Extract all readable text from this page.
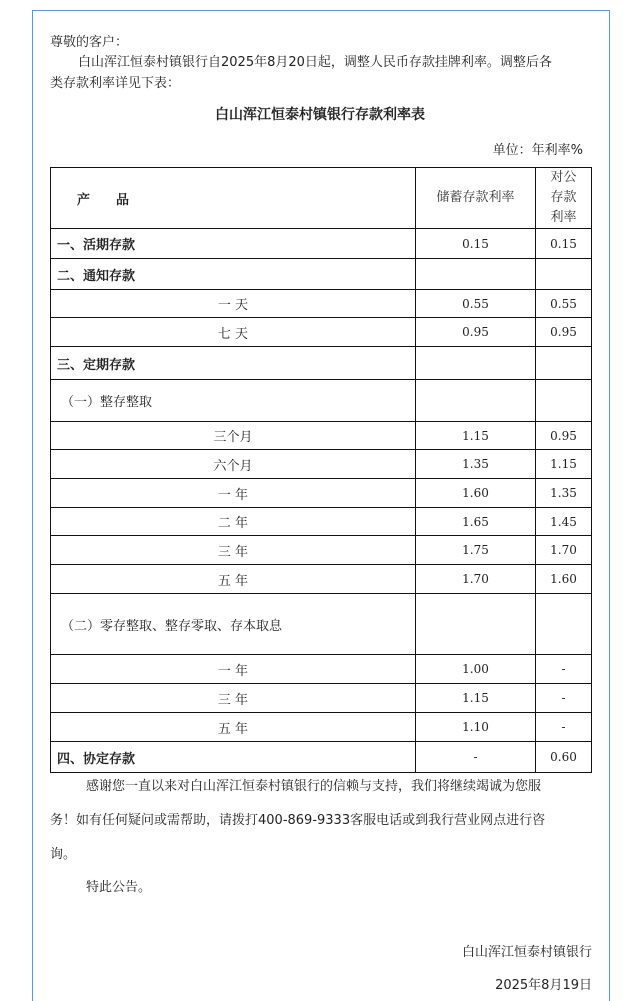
尊敬的客户：
白山浑江恒泰村镇银行自2025年8月20日起，调整人民币存款挂牌利率。调整后各
类存款利率详见下表：
白山浑江恒泰村镇银行存款利率表
单位：年利率%
产　　品	储蓄存款利率	对公存款利率
一、活期存款	0.15	0.15
二、通知存款		
一 天	0.55	0.55
七 天	0.95	0.95
三、定期存款		
（一）整存整取		
三个月	1.15	0.95
六个月	1.35	1.15
一 年	1.60	1.35
二 年	1.65	1.45
三 年	1.75	1.70
五 年	1.70	1.60
（二）零存整取、整存零取、存本取息		
一 年	1.00	-
三 年	1.15	-
五 年	1.10	-
四、协定存款	-	0.60
感谢您一直以来对白山浑江恒泰村镇银行的信赖与支持，我们将继续竭诚为您服
务！如有任何疑问或需帮助，请拨打400-869-9333客服电话或到我行营业网点进行咨
询。
特此公告。
白山浑江恒泰村镇银行
2025年8月19日
